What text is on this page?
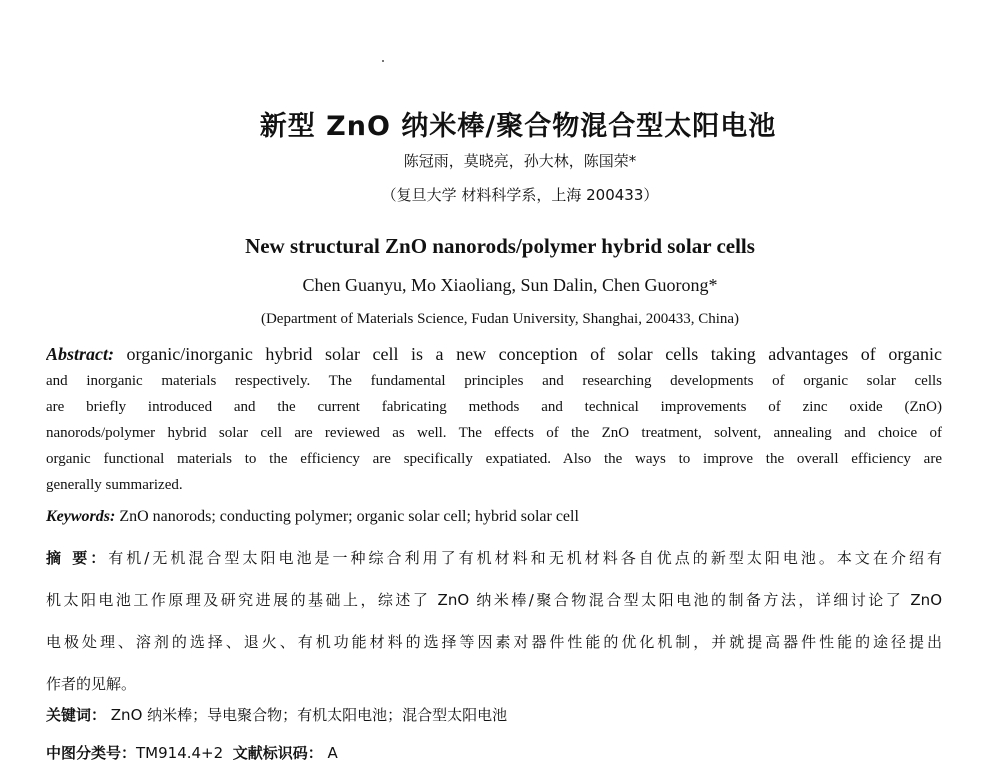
新型 ZnO 纳米棒/聚合物混合型太阳电池
陈冠雨，莫晓亮，孙大林，陈国荣*
（复旦大学 材料科学系，上海 200433）
New structural ZnO nanorods/polymer hybrid solar cells
Chen Guanyu, Mo Xiaoliang, Sun Dalin, Chen Guorong*
(Department of Materials Science, Fudan University, Shanghai, 200433, China)
Abstract: organic/inorganic hybrid solar cell is a new conception of solar cells taking advantages of organic
and inorganic materials respectively. The fundamental principles and researching developments of organic solar cells
are briefly introduced and the current fabricating methods and technical improvements of zinc oxide (ZnO)
nanorods/polymer hybrid solar cell are reviewed as well. The effects of the ZnO treatment, solvent, annealing and choice of
organic functional materials to the efficiency are specifically expatiated. Also the ways to improve the overall efficiency are
generally summarized.
Keywords: ZnO nanorods; conducting polymer; organic solar cell; hybrid solar cell
摘 要：有机/无机混合型太阳电池是一种综合利用了有机材料和无机材料各自优点的新型太阳电池。本文在介绍有
机太阳电池工作原理及研究进展的基础上，综述了 ZnO 纳米棒/聚合物混合型太阳电池的制备方法，详细讨论了 ZnO
电极处理、溶剂的选择、退火、有机功能材料的选择等因素对器件性能的优化机制，并就提高器件性能的途径提出
作者的见解。
关键词： ZnO 纳米棒；导电聚合物；有机太阳电池；混合型太阳电池
中图分类号：TM914.4+2 文献标识码： A
